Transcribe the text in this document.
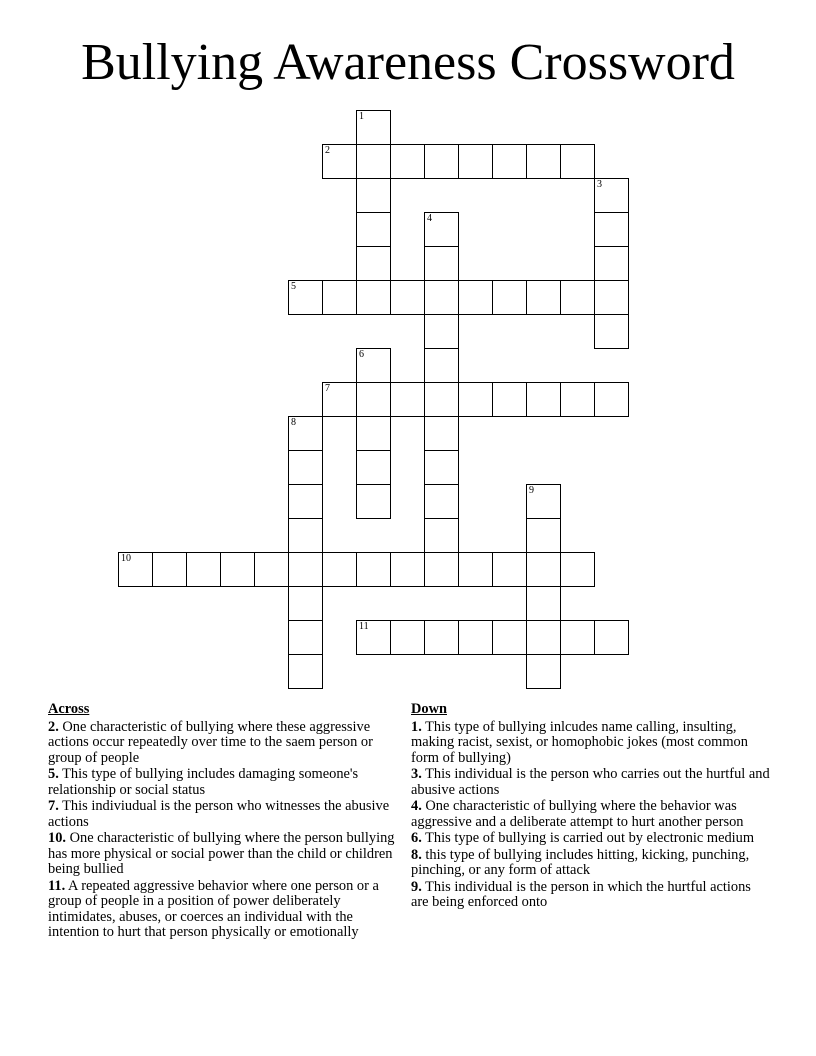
Bullying Awareness Crossword
1
2
3
4
5
6
7
8
9
10
11
Across
2. One characteristic of bullying where these aggressive actions occur repeatedly over time to the saem person or group of people
5. This type of bullying includes damaging someone's relationship or social status
7. This indiviudual is the person who witnesses the abusive actions
10. One characteristic of bullying where the person bullying has more physical or social power than the child or children being bullied
11. A repeated aggressive behavior where one person or a group of people in a position of power deliberately intimidates, abuses, or coerces an individual with the intention to hurt that person physically or emotionally
Down
1. This type of bullying inlcudes name calling, insulting, making racist, sexist, or homophobic jokes (most common form of bullying)
3. This individual is the person who carries out the hurtful and abusive actions
4. One characteristic of bullying where the behavior was aggressive and a deliberate attempt to hurt another person
6. This type of bullying is carried out by electronic medium
8. this type of bullying includes hitting, kicking, punching, pinching, or any form of attack
9. This individual is the person in which the hurtful actions are being enforced onto
